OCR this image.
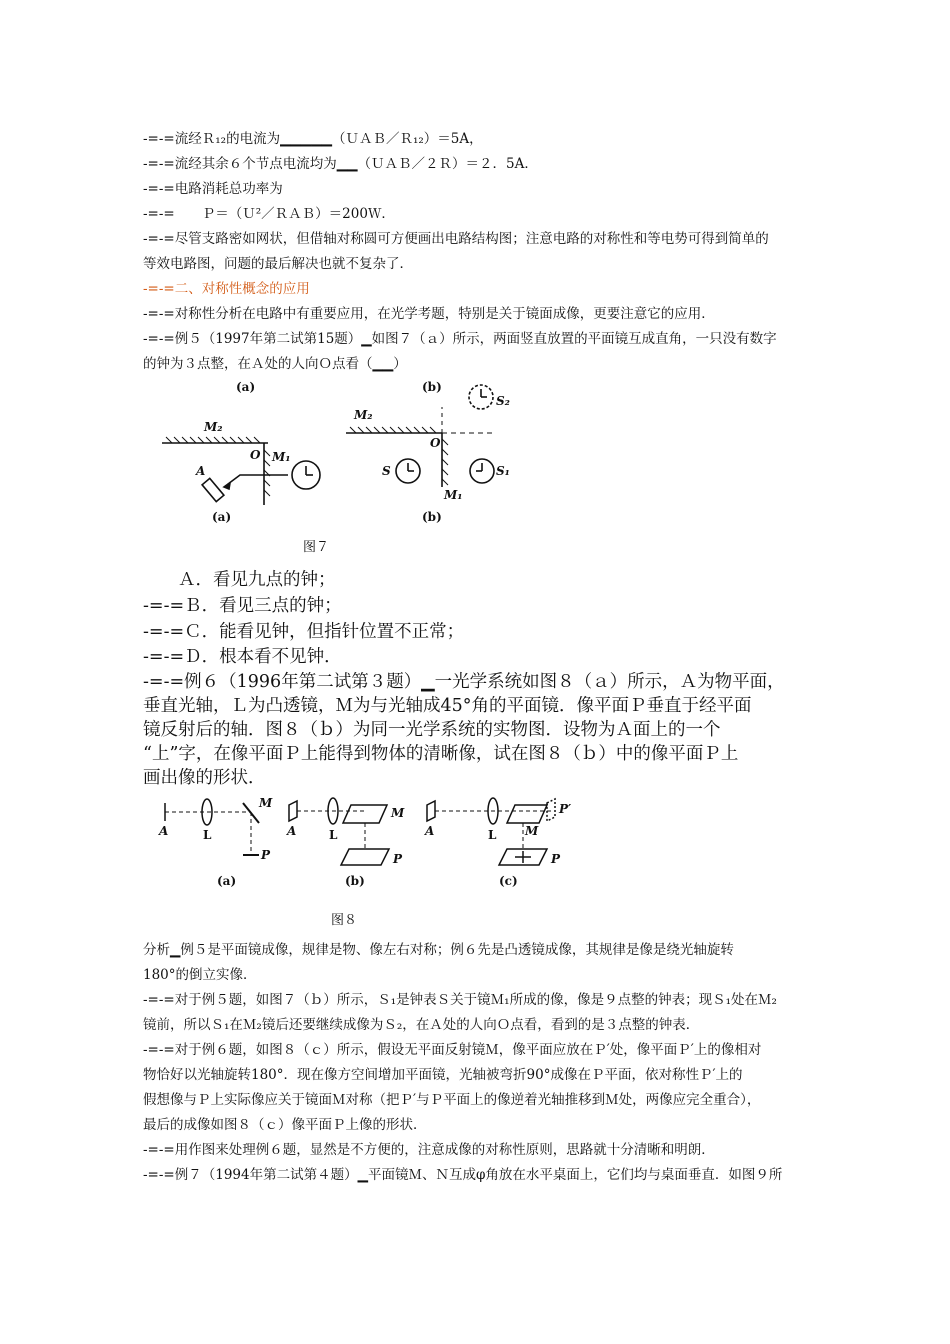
-=-=流经Ｒ₁₂的电流为▁▁▁▁▁（ＵＡＢ／Ｒ₁₂）＝5A，
-=-=流经其余６个节点电流均为▁▁（ＵＡＢ／２Ｒ）＝２．5A．
-=-=电路消耗总功率为
-=-=　　Ｐ＝（Ｕ²／ＲＡＢ）＝200Ｗ．
-=-=尽管支路密如网状，但借轴对称圆可方便画出电路结构图；注意电路的对称性和等电势可得到简单的
等效电路图，问题的最后解决也就不复杂了．
-=-=二、对称性概念的应用
-=-=对称性分析在电路中有重要应用，在光学考题，特别是关于镜面成像，更要注意它的应用．
-=-=例５（1997年第二试第15题）▁如图７（ａ）所示，两面竖直放置的平面镜互成直角，一只没有数字
的钟为３点整，在Ａ处的人向Ｏ点看（▁▁）
(a)	(b)
M₂
O M₁
A
M₂
O
S	S₁
S₂
M₁
(a)	(b)
图７
　　Ａ．看见九点的钟；
-=-=Ｂ．看见三点的钟；
-=-=Ｃ．能看见钟，但指针位置不正常；
-=-=Ｄ．根本看不见钟．
-=-=例６（1996年第二试第３题）▁一光学系统如图８（ａ）所示，Ａ为物平面，
垂直光轴，Ｌ为凸透镜，Ｍ为与光轴成45°角的平面镜．像平面Ｐ垂直于经平面
镜反射后的轴．图８（ｂ）为同一光学系统的实物图．设物为Ａ面上的一个
“上”字，在像平面Ｐ上能得到物体的清晰像，试在图８（ｂ）中的像平面Ｐ上
画出像的形状．
A	L
M
P
A	L
M
P
A	L M
P′
P
(a)	(b)	(c)
图８
分析▁例５是平面镜成像，规律是物、像左右对称；例６先是凸透镜成像，其规律是像是绕光轴旋转
180°的倒立实像．
-=-=对于例５题，如图７（ｂ）所示，Ｓ₁是钟表Ｓ关于镜Ｍ₁所成的像，像是９点整的钟表；现Ｓ₁处在Ｍ₂
镜前，所以Ｓ₁在Ｍ₂镜后还要继续成像为Ｓ₂，在Ａ处的人向Ｏ点看，看到的是３点整的钟表．
-=-=对于例６题，如图８（ｃ）所示，假设无平面反射镜Ｍ，像平面应放在Ｐ′处，像平面Ｐ′上的像相对
物恰好以光轴旋转180°．现在像方空间增加平面镜，光轴被弯折90°成像在Ｐ平面，依对称性Ｐ′上的
假想像与Ｐ上实际像应关于镜面Ｍ对称（把Ｐ′与Ｐ平面上的像逆着光轴推移到Ｍ处，两像应完全重合），
最后的成像如图８（ｃ）像平面Ｐ上像的形状．
-=-=用作图来处理例６题，显然是不方便的，注意成像的对称性原则，思路就十分清晰和明朗．
-=-=例７（1994年第二试第４题）▁平面镜Ｍ、Ｎ互成φ角放在水平桌面上，它们均与桌面垂直．如图９所
